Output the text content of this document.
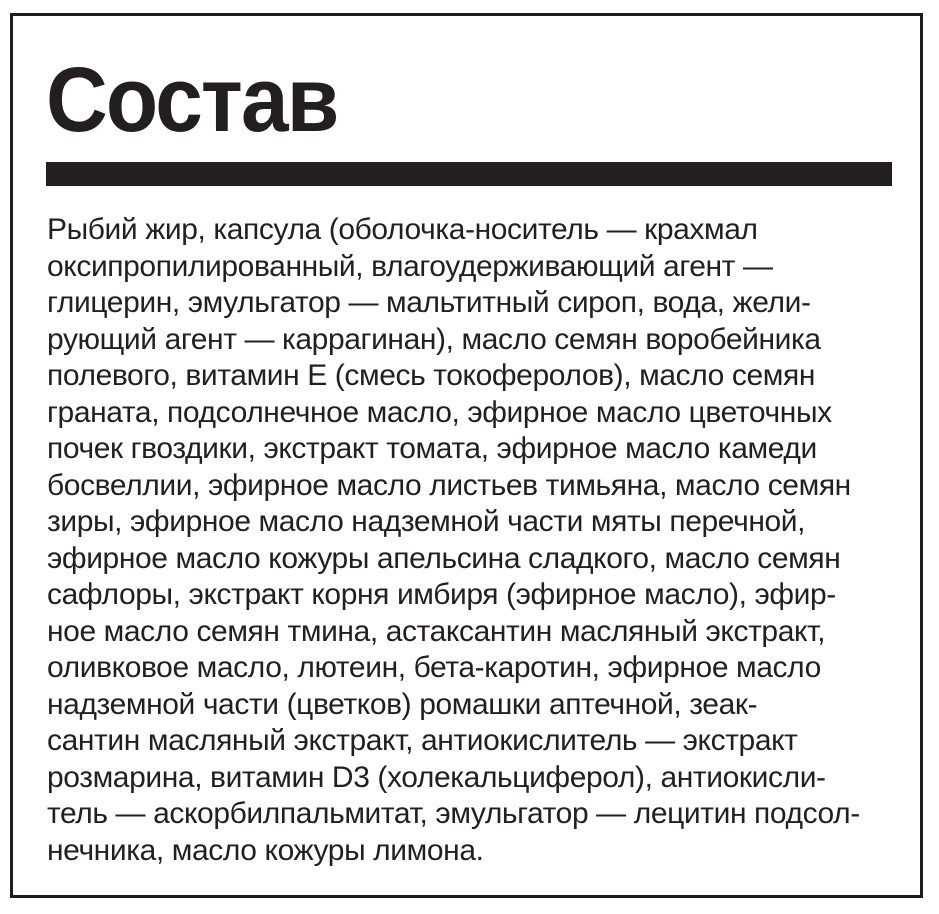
Состав
Рыбий жир, капсула (оболочка-носитель — крахмал
оксипропилированный, влагоудерживающий агент —
глицерин, эмульгатор — мальтитный сироп, вода, жели-
рующий агент — каррагинан), масло семян воробейника
полевого, витамин E (смесь токоферолов), масло семян
граната, подсолнечное масло, эфирное масло цветочных
почек гвоздики, экстракт томата, эфирное масло камеди
босвеллии, эфирное масло листьев тимьяна, масло семян
зиры, эфирное масло надземной части мяты перечной,
эфирное масло кожуры апельсина сладкого, масло семян
сафлоры, экстракт корня имбиря (эфирное масло), эфир-
ное масло семян тмина, астаксантин масляный экстракт,
оливковое масло, лютеин, бета-каротин, эфирное масло
надземной части (цветков) ромашки аптечной, зеак-
сантин масляный экстракт, антиокислитель — экстракт
розмарина, витамин D3 (холекальциферол), антиокисли-
тель — аскорбилпальмитат, эмульгатор — лецитин подсол-
нечника, масло кожуры лимона.
